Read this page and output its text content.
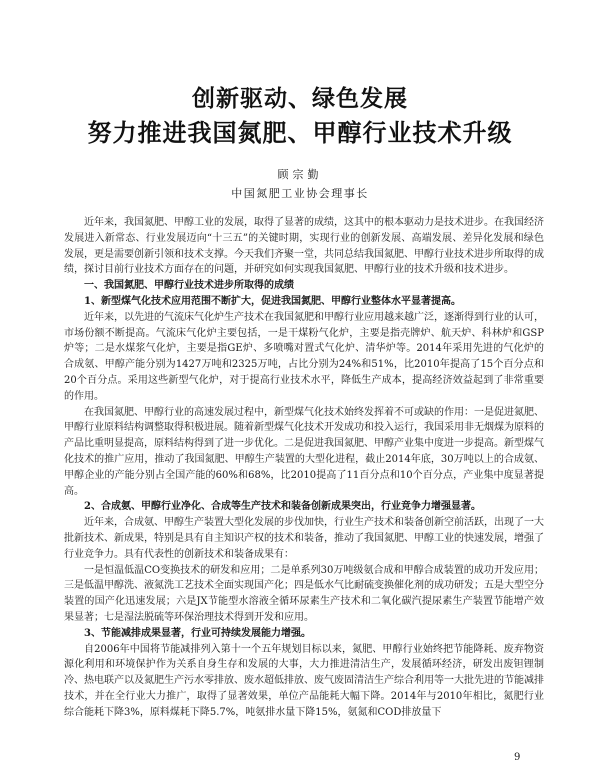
创新驱动、绿色发展
努力推进我国氮肥、甲醇行业技术升级
顾宗勤
中国氮肥工业协会理事长

近年来，我国氮肥、甲醇工业的发展，取得了显著的成绩，这其中的根本驱动力是技术进步。在我国经济发展进入新常态、行业发展迈向“十三五”的关键时期，实现行业的创新发展、高端发展、差异化发展和绿色发展，更是需要创新引领和技术支撑。今天我们齐聚一堂，共同总结我国氮肥、甲醇行业技术进步所取得的成绩，探讨目前行业技术方面存在的问题，并研究如何实现我国氮肥、甲醇行业的技术升级和技术进步。

一、我国氮肥、甲醇行业技术进步所取得的成绩

1、新型煤气化技术应用范围不断扩大，促进我国氮肥、甲醇行业整体水平显著提高。

近年来，以先进的气流床气化炉生产技术在我国氮肥和甲醇行业应用越来越广泛，逐渐得到行业的认可，市场份额不断提高。气流床气化炉主要包括，一是干煤粉气化炉，主要是指壳牌炉、航天炉、科林炉和GSP炉等；二是水煤浆气化炉，主要是指GE炉、多喷嘴对置式气化炉、清华炉等。2014年采用先进的气化炉的合成氨、甲醇产能分别为1427万吨和2325万吨，占比分别为24%和51%，比2010年提高了15个百分点和20个百分点。采用这些新型气化炉，对于提高行业技术水平，降低生产成本，提高经济效益起到了非常重要的作用。

在我国氮肥、甲醇行业的高速发展过程中，新型煤气化技术始终发挥着不可或缺的作用：一是促进氮肥、甲醇行业原料结构调整取得积极进展。随着新型煤气化技术开发成功和投入运行，我国采用非无烟煤为原料的产品比重明显提高，原料结构得到了进一步优化。二是促进我国氮肥、甲醇产业集中度进一步提高。新型煤气化技术的推广应用，推动了我国氮肥、甲醇生产装置的大型化进程，截止2014年底，30万吨以上的合成氨、甲醇企业的产能分别占全国产能的60%和68%，比2010提高了11百分点和10个百分点，产业集中度显著提高。

2、合成氨、甲醇行业净化、合成等生产技术和装备创新成果突出，行业竞争力增强显著。

近年来，合成氨、甲醇生产装置大型化发展的步伐加快，行业生产技术和装备创新空前活跃，出现了一大批新技术、新成果，特别是具有自主知识产权的技术和装备，推动了我国氮肥、甲醇工业的快速发展，增强了行业竞争力。具有代表性的创新技术和装备成果有：

一是恒温低温CO变换技术的研发和应用；二是单系列30万吨级氨合成和甲醇合成装置的成功开发应用；三是低温甲醇洗、液氮洗工艺技术全面实现国产化；四是低水气比耐硫变换催化剂的成功研发；五是大型空分装置的国产化迅速发展；六是JX节能型水溶液全循环尿素生产技术和二氧化碳汽提尿素生产装置节能增产效果显著；七是湿法脱硫等环保治理技术得到开发和应用。

3、节能减排成果显著，行业可持续发展能力增强。

自2006年中国将节能减排列入第十一个五年规划目标以来，氮肥、甲醇行业始终把节能降耗、废弃物资源化利用和环境保护作为关系自身生存和发展的大事，大力推进清洁生产，发展循环经济，研发出废钽锂制冷、热电联产以及氮肥生产污水零排放、废水超低排放、废气废固清洁生产综合利用等一大批先进的节能减排技术，并在全行业大力推广，取得了显著效果，单位产品能耗大幅下降。2014年与2010年相比，氮肥行业综合能耗下降3%，原料煤耗下降5.7%，吨氨排水量下降15%，氨氮和COD排放量下

9
